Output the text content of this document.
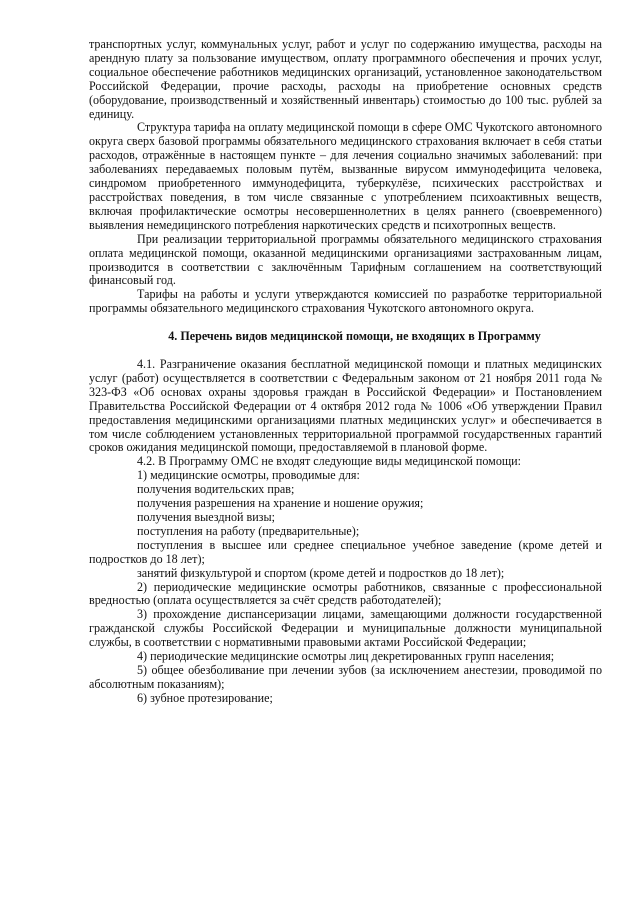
транспортных услуг, коммунальных услуг, работ и услуг по содержанию имущества, расходы на арендную плату за пользование имуществом, оплату программного обеспечения и прочих услуг, социальное обеспечение работников медицинских организаций, установленное законодательством Российской Федерации, прочие расходы, расходы на приобретение основных средств (оборудование, производственный и хозяйственный инвентарь) стоимостью до 100 тыс. рублей за единицу.

Структура тарифа на оплату медицинской помощи в сфере ОМС Чукотского автономного округа сверх базовой программы обязательного медицинского страхования включает в себя статьи расходов, отражённые в настоящем пункте – для лечения социально значимых заболеваний: при заболеваниях передаваемых половым путём, вызванные вирусом иммунодефицита человека, синдромом приобретенного иммунодефицита, туберкулёзе, психических расстройствах и расстройствах поведения, в том числе связанные с употреблением психоактивных веществ, включая профилактические осмотры несовершеннолетних в целях раннего (своевременного) выявления немедицинского потребления наркотических средств и психотропных веществ.

При реализации территориальной программы обязательного медицинского страхования оплата медицинской помощи, оказанной медицинскими организациями застрахованным лицам, производится в соответствии с заключённым Тарифным соглашением на соответствующий финансовый год.

Тарифы на работы и услуги утверждаются комиссией по разработке территориальной программы обязательного медицинского страхования Чукотского автономного округа.

4. Перечень видов медицинской помощи, не входящих в Программу

4.1. Разграничение оказания бесплатной медицинской помощи и платных медицинских услуг (работ) осуществляется в соответствии с Федеральным законом от 21 ноября 2011 года № 323-ФЗ «Об основах охраны здоровья граждан в Российской Федерации» и Постановлением Правительства Российской Федерации от 4 октября 2012 года № 1006 «Об утверждении Правил предоставления медицинскими организациями платных медицинских услуг» и обеспечивается в том числе соблюдением установленных территориальной программой государственных гарантий сроков ожидания медицинской помощи, предоставляемой в плановой форме.

4.2. В Программу ОМС не входят следующие виды медицинской помощи:

1) медицинские осмотры, проводимые для:

получения водительских прав;

получения разрешения на хранение и ношение оружия;

получения выездной визы;

поступления на работу (предварительные);

поступления в высшее или среднее специальное учебное заведение (кроме детей и подростков до 18 лет);

занятий физкультурой и спортом (кроме детей и подростков до 18 лет);

2) периодические медицинские осмотры работников, связанные с профессиональной вредностью (оплата осуществляется за счёт средств работодателей);

3) прохождение диспансеризации лицами, замещающими должности государственной гражданской службы Российской Федерации и муниципальные должности муниципальной службы, в соответствии с нормативными правовыми актами Российской Федерации;

4) периодические медицинские осмотры лиц декретированных групп населения;

5) общее обезболивание при лечении зубов (за исключением анестезии, проводимой по абсолютным показаниям);

6) зубное протезирование;
